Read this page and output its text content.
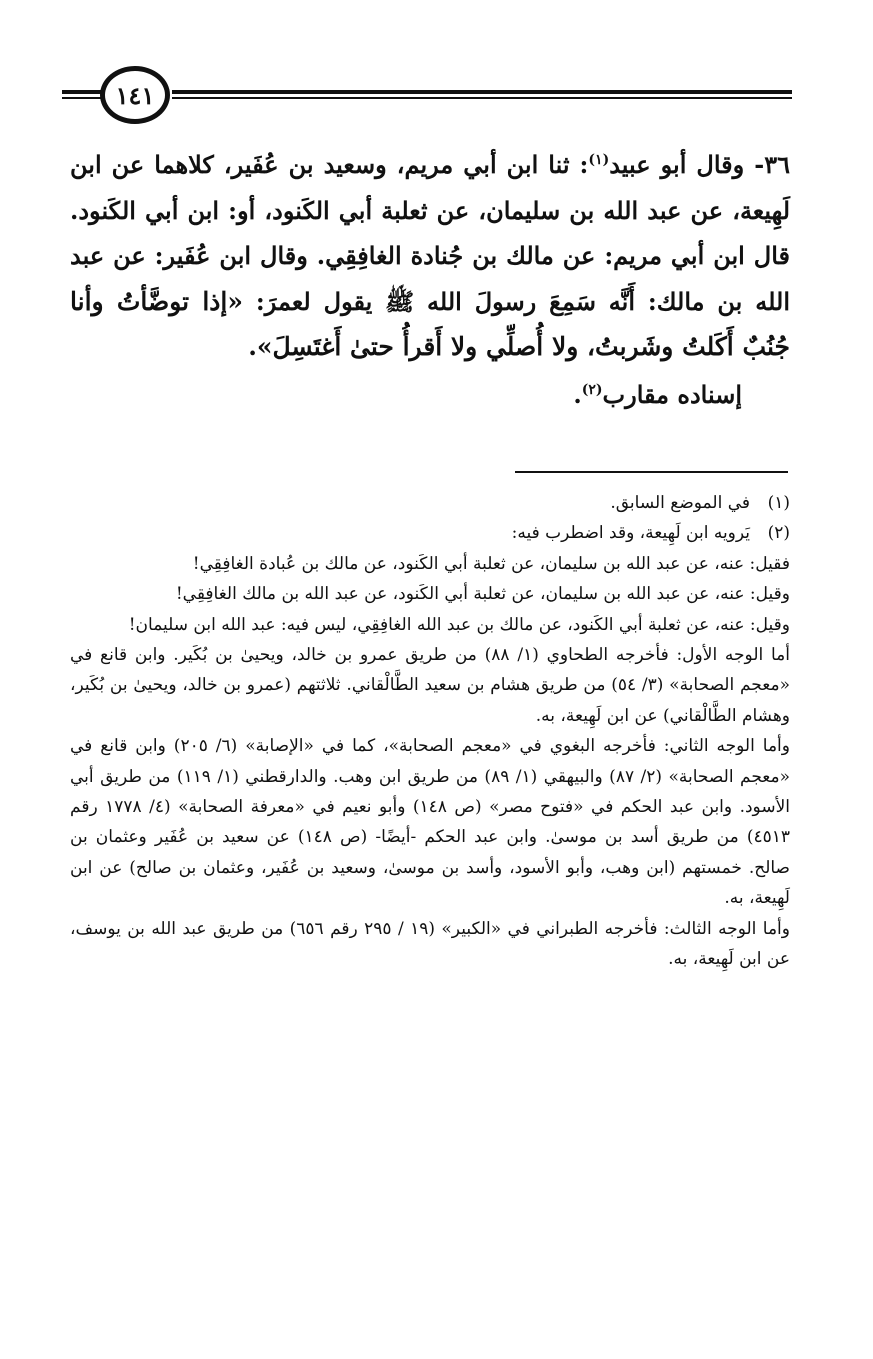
١٤١

٣٦- وقال أبو عبيد$^{(١)}$: ثنا ابن أبي مريم، وسعيد بن عُفَير، كلاهما عن ابن لَهِيعة، عن عبد الله بن سليمان، عن ثعلبة أبي الكَنود، أو: ابن أبي الكَنود. قال ابن أبي مريم: عن مالك بن جُنادة الغافِقِي. وقال ابن عُفَير: عن عبد الله بن مالك: أَنَّه سَمِعَ رسولَ الله ﷺ يقول لعمرَ: «إذا توضَّأتُ وأنا جُنُبٌ أَكَلتُ وشَربتُ، ولا أُصلِّي ولا أَقرأُ حتىٰ أَغتَسِلَ».

إسناده مقارب$^{(٢)}$.

(١)
في الموضع السابق.
(٢)
يَرويه ابن لَهِيعة، وقد اضطرب فيه:

فقيل: عنه، عن عبد الله بن سليمان، عن ثعلبة أبي الكَنود، عن مالك بن عُبادة الغافِقِي!

وقيل: عنه، عن عبد الله بن سليمان، عن ثعلبة أبي الكَنود، عن عبد الله بن مالك الغافِقِي!

وقيل: عنه، عن ثعلبة أبي الكَنود، عن مالك بن عبد الله الغافِقِي، ليس فيه: عبد الله ابن سليمان!

أما الوجه الأول: فأخرجه الطحاوي (١/ ٨٨) من طريق عمرو بن خالد، ويحيىٰ بن بُكَير. وابن قانع في «معجم الصحابة» (٣/ ٥٤) من طريق هشام بن سعيد الطَّالْقاني. ثلاثتهم (عمرو بن خالد، ويحيىٰ بن بُكَير، وهشام الطَّالْقاني) عن ابن لَهِيعة، به.

وأما الوجه الثاني: فأخرجه البغوي في «معجم الصحابة»، كما في «الإصابة» (٦/ ٢٠٥) وابن قانع في «معجم الصحابة» (٢/ ٨٧) والبيهقي (١/ ٨٩) من طريق ابن وهب. والدارقطني (١/ ١١٩) من طريق أبي الأسود. وابن عبد الحكم في «فتوح مصر» (ص ١٤٨) وأبو نعيم في «معرفة الصحابة» (٤/ ١٧٧٨ رقم ٤٥١٣) من طريق أسد بن موسىٰ. وابن عبد الحكم -أيضًا- (ص ١٤٨) عن سعيد بن عُفَير وعثمان بن صالح. خمستهم (ابن وهب، وأبو الأسود، وأسد بن موسىٰ، وسعيد بن عُفَير، وعثمان بن صالح) عن ابن لَهِيعة، به.

وأما الوجه الثالث: فأخرجه الطبراني في «الكبير» (١٩ / ٢٩٥ رقم ٦٥٦) من طريق عبد الله بن يوسف، عن ابن لَهِيعة، به.
